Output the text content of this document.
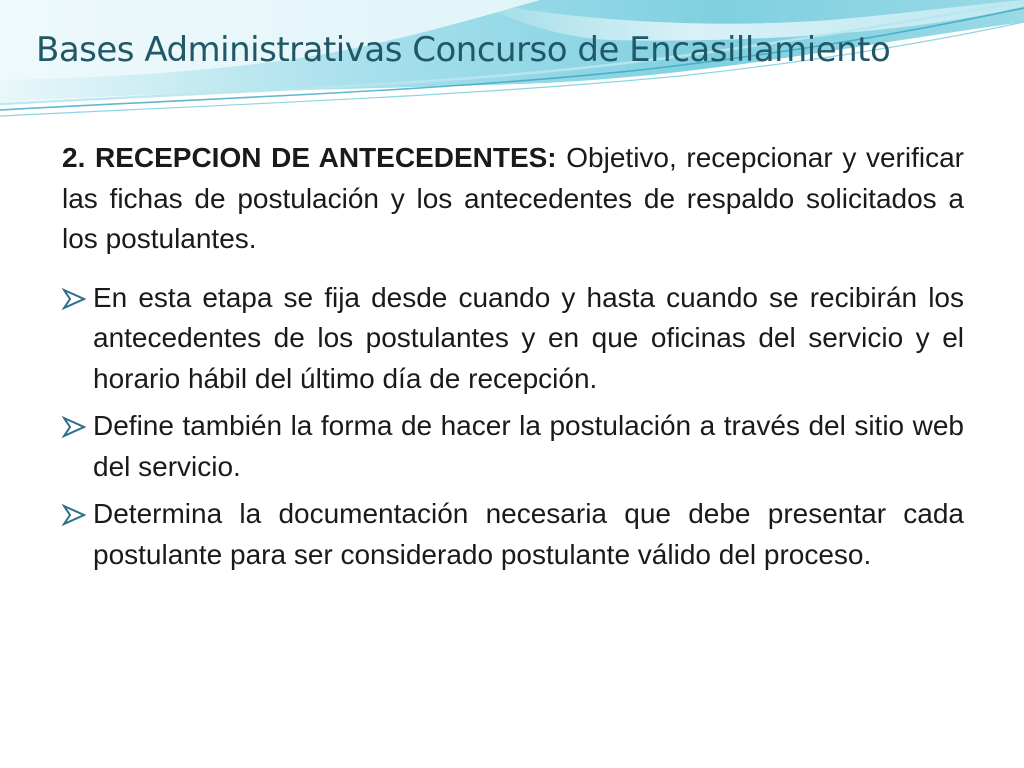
Bases Administrativas Concurso de Encasillamiento

2. RECEPCION DE ANTECEDENTES: Objetivo, recepcionar y verificar las fichas de postulación y los antecedentes de respaldo solicitados a los postulantes.

En esta etapa se fija desde cuando y hasta cuando se recibirán los antecedentes de los postulantes y en que oficinas del servicio y el horario hábil del último día de recepción.
Define también la forma de hacer la postulación a través del sitio web del servicio.
Determina la documentación necesaria que debe presentar cada postulante para ser considerado postulante válido del proceso.
